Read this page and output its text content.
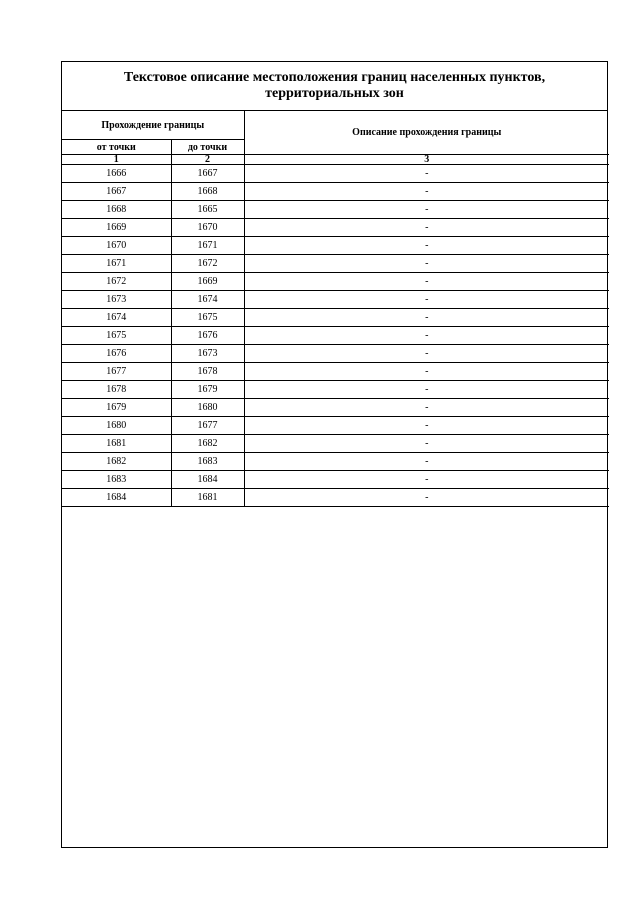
Текстовое описание местоположения границ населенных пунктов,
территориальных зон
Прохождение границы		Описание прохождения границы
от точки	до точки	
1	2	3
1666	1667	-
1667	1668	-
1668	1665	-
1669	1670	-
1670	1671	-
1671	1672	-
1672	1669	-
1673	1674	-
1674	1675	-
1675	1676	-
1676	1673	-
1677	1678	-
1678	1679	-
1679	1680	-
1680	1677	-
1681	1682	-
1682	1683	-
1683	1684	-
1684	1681	-
